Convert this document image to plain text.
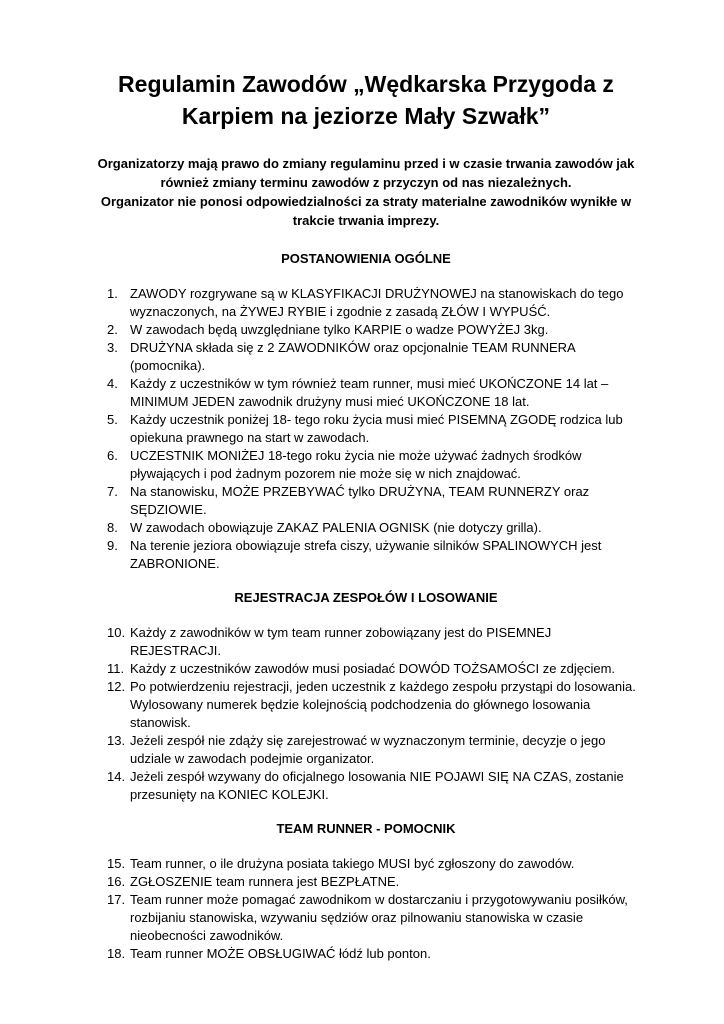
Regulamin Zawodów „Wędkarska Przygoda z Karpiem na jeziorze Mały Szwałk”

Organizatorzy mają prawo do zmiany regulaminu przed i w czasie trwania zawodów jak również zmiany terminu zawodów z przyczyn od nas niezależnych.

Organizator nie ponosi odpowiedzialności za straty materialne zawodników wynikłe w trakcie trwania imprezy.

POSTANOWIENIA OGÓLNE
1. ZAWODY rozgrywane są w KLASYFIKACJI DRUŻYNOWEJ na stanowiskach do tego wyznaczonych, na ŻYWEJ RYBIE i zgodnie z zasadą ZŁÓW I WYPUŚĆ.
2. W zawodach będą uwzględniane tylko KARPIE o wadze POWYŻEJ 3kg.
3. DRUŻYNA składa się z 2 ZAWODNIKÓW oraz opcjonalnie TEAM RUNNERA (pomocnika).
4. Każdy z uczestników w tym również team runner, musi mieć UKOŃCZONE 14 lat – MINIMUM JEDEN zawodnik drużyny musi mieć UKOŃCZONE 18 lat.
5. Każdy uczestnik poniżej 18- tego roku życia musi mieć PISEMNĄ ZGODĘ rodzica lub opiekuna prawnego na start w zawodach.
6. UCZESTNIK MONIŻEJ 18-tego roku życia nie może używać żadnych środków pływających i pod żadnym pozorem nie może się w nich znajdować.
7. Na stanowisku, MOŻE PRZEBYWAĆ tylko DRUŻYNA, TEAM RUNNERZY oraz SĘDZIOWIE.
8. W zawodach obowiązuje ZAKAZ PALENIA OGNISK (nie dotyczy grilla).
9. Na terenie jeziora obowiązuje strefa ciszy, używanie silników SPALINOWYCH jest ZABRONIONE.
REJESTRACJA ZESPOŁÓW I LOSOWANIE
10. Każdy z zawodników w tym team runner zobowiązany jest do PISEMNEJ REJESTRACJI.
11. Każdy z uczestników zawodów musi posiadać DOWÓD TOŻSAMOŚCI ze zdjęciem.
12. Po potwierdzeniu rejestracji, jeden uczestnik z każdego zespołu przystąpi do losowania. Wylosowany numerek będzie kolejnością podchodzenia do głównego losowania stanowisk.
13. Jeżeli zespół nie zdąży się zarejestrować w wyznaczonym terminie, decyzje o jego udziale w zawodach podejmie organizator.
14. Jeżeli zespół wzywany do oficjalnego losowania NIE POJAWI SIĘ NA CZAS, zostanie przesunięty na KONIEC KOLEJKI.
TEAM RUNNER - POMOCNIK
15. Team runner, o ile drużyna posiata takiego MUSI być zgłoszony do zawodów.
16. ZGŁOSZENIE team runnera jest BEZPŁATNE.
17. Team runner może pomagać zawodnikom w dostarczaniu i przygotowywaniu posiłków, rozbijaniu stanowiska, wzywaniu sędziów oraz pilnowaniu stanowiska w czasie nieobecności zawodników.
18. Team runner MOŻE OBSŁUGIWAĆ łódź lub ponton.
